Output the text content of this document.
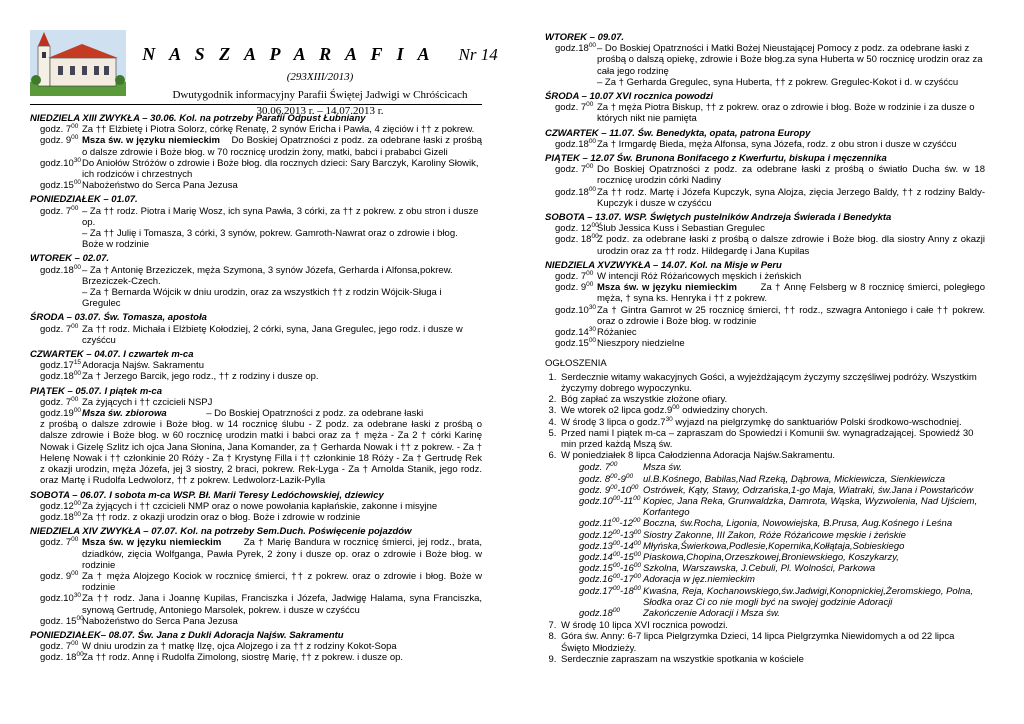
N A S Z A P A R A F I A Nr 14 (293XIII/2013)
Dwutygodnik informacyjny Parafii Świętej Jadwigi w Chróścicach
30.06.2013 r. – 14.07.2013 r.
NIEDZIELA XIII ZWYKŁA – 30.06. Kol. na potrzeby Parafii Odpust Łubniany
godz. $7^{00}$ Za †† Elżbietę i Piotra Solorz, córkę Renatę, 2 synów Ericha i Pawła, 4 zięciów i †† z pokrew.
godz. $9^{00}$ Msza św. w języku niemieckim Do Boskiej Opatrzności z podz. za odebrane łaski z prośbą o dalsze zdrowie i Boże błog. w 70 rocznicę urodzin żony, matki, babci i prababci Gizeli
$godz.10^{30}$ Do Aniołów Stróżów o zdrowie i Boże błog. dla rocznych dzieci: Sary Barczyk, Karoliny Słowik, ich rodziców i chrzestnych
$godz.15^{00}$ Nabożeństwo do Serca Pana Jezusa
PONIEDZIAŁEK – 01.07.
godz. $7^{00}$ – Za †† rodz. Piotra i Marię Wosz, ich syna Pawła, 3 córki, za †† z pokrew. z obu stron i dusze op.
– Za †† Julię i Tomasza, 3 córki, 3 synów, pokrew. Gamroth-Nawrat oraz o zdrowie i błog. Boże w rodzinie
WTOREK – 02.07.
$godz.18^{00}$ – Za † Antonię Brzeziczek, męża Szymona, 3 synów Józefa, Gerharda i Alfonsa,pokrew. Brzeziczek-Czech.
– Za † Bernarda Wójcik w dniu urodzin, oraz za wszystkich †† z rodzin Wójcik-Sługa i Greguleс
ŚRODA – 03.07. Św. Tomasza, apostoła
godz. $7^{00}$ Za †† rodz. Michała i Elżbietę Kołodziej, 2 córki, syna, Jana Gregulec, jego rodz. i dusze w czyśćcu
CZWARTEK – 04.07. I czwartek m-ca
$godz.17^{15}$ Adoracja Najśw. Sakramentu
$godz.18^{00}$ Za † Jerzego Barcik, jego rodz., †† z rodziny i dusze op.
PIĄTEK – 05.07. I piątek m-ca
godz. $7^{00}$ Za żyjących i †† czcicieli NSPJ
$godz.19^{00}$ Msza św. zbiorowa	– Do Boskiej Opatrzności z podz. za odebrane łaski
z prośbą o dalsze zdrowie i Boże błog. w 14 rocznicę ślubu - Z podz. za odebrane łaski z prośbą o dalsze zdrowie i Boże błog. w 60 rocznicę urodzin matki i babci oraz za † męża - Za 2 † córki Karinę Nowak i Gizelę Szlitz ich ojca Jana Słonina, Jana Komander, za † Gerharda Nowak i †† z pokrew. - Za † Helenę Nowak i †† członkinie 20 Róży - Za † Krystynę Filla i †† członkinie 18 Róży - Za † Gertrudę Rek z okazji urodzin, męża Józefa, jej 3 siostry, 2 braci, pokrew. Rek-Lyga - Za † Arnolda Stanik, jego rodz. oraz Martę i Rudolfa Ledwolorz, †† z pokrew. Ledwolorz-Lazik-Pylla
SOBOTA – 06.07. I sobota m-ca WSP. Bł. Marii Teresy Ledóchowskiej, dziewicy
$godz.12^{00}$ Za żyjących i †† czcicieli NMP oraz o nowe powołania kapłańskie, zakonne i misyjne
$godz.18^{00}$ Za †† rodz. z okazji urodzin oraz o błog. Boże i zdrowie w rodzinie
NIEDZIELA XIV ZWYKŁA – 07.07. Kol. na potrzeby Sem.Duch. Poświęcenie pojazdów
godz. $7^{00}$ Msza św. w języku niemieckim Za † Marię Bandura w rocznicę śmierci, jej rodz., brata, dziadków, zięcia Wolfganga, Pawła Pyrek, 2 żony i dusze op. oraz o zdrowie i Boże błog. w rodzinie
godz. $9^{00}$ Za † męża Alojzego Kociok w rocznicę śmierci, †† z pokrew. oraz o zdrowie i błog. Boże w rodzinie
$godz.10^{30}$ Za †† rodz. Jana i Joannę Kupilas, Franciszka i Józefa, Jadwigę Halama, syna Franciszka, synową Gertrudę, Antoniego Marsolek, pokrew. i dusze w czyśćcu
godz. $15^{00}$
Nabożeństwo do Serca Pana Jezusa
PONIEDZIAŁEK– 08.07. Św. Jana z Dukli Adoracja Najśw. Sakramentu
godz. $7^{00}$ W dniu urodzin za † matkę Ilzę, ojca Alojzego i za †† z rodziny Kokot-Sopa
godz. $18^{00}$
Za †† rodz. Annę i Rudolfa Zimolong, siostrę Marię, †† z pokrew. i dusze op.
WTOREK – 09.07.
$godz.18^{00}$ – Do Boskiej Opatrzności i Matki Bożej Nieustającej Pomocy z podz. za odebrane łaski z prośbą o dalszą opiekę, zdrowie i Boże błog.za syna Huberta w 50 rocznicę urodzin oraz za cała jego rodzinę
– Za † Gerharda Gregulec, syna Huberta, †† z pokrew. Gregulec-Kokot i d. w czyśćcu
ŚRODA – 10.07 XVI rocznica powodzi
godz. $7^{00}$ Za † męża Piotra Biskup, †† z pokrew. oraz o zdrowie i błog. Boże w rodzinie i za dusze o których nikt nie pamięta
CZWARTEK – 11.07. Św. Benedykta, opata, patrona Europy
$godz.18^{00}$ Za † Irmgardę Bieda, męża Alfonsa, syna Józefa, rodz. z obu stron i dusze w czyśćcu
PIĄTEK – 12.07 Św. Brunona Bonifacego z Kwerfurtu, biskupa i męczennika
godz. $7^{00}$ Do Boskiej Opatrzności z podz. za odebrane łaski z prośbą o światło Ducha św. w 18 rocznicę urodzin córki Nadiny
$godz.18^{00}$ Za †† rodz. Martę i Józefa Kupczyk, syna Alojza, zięcia Jerzego Baldy, †† z rodziny Baldy-Kupczyk i dusze w czyśćcu
SOBOTA – 13.07. WSP. Świętych pustelników Andrzeja Świerada i Benedykta
godz. $12^{00}$
Ślub Jessica Kuss i Sebastian Gregulec
godz. $18^{00}$
Z podz. za odebrane łaski z prośbą o dalsze zdrowie i Boże błog. dla siostry Anny z okazji urodzin oraz za †† rodz. Hildegardę i Jana Kupilas
NIEDZIELA XVZWYKŁA – 14.07. Kol. na Misje w Peru
godz. $7^{00}$ W intencji Róż Różańcowych męskich i żeńskich
godz. $9^{00}$ Msza św. w języku niemieckim Za † Annę Felsberg w 8 rocznicę śmierci, poległego męża, † syna ks. Henryka i †† z pokrew.
$godz.10^{30}$ Za † Gintra Gamrot w 25 rocznicę śmierci, †† rodz., szwagra Antoniego i całe †† pokrew. oraz o zdrowie i Boże błog. w rodzinie
$godz.14^{30}$ Różaniec
$godz.15^{00}$ Nieszpory niedzielne
OGŁOSZENIA
1. Serdecznie witamy wakacyjnych Gości, a wyjeżdżającym życzymy szczęśliwej podróży. Wszystkim życzymy dobrego wypoczynku.
2. Bóg zapłać za wszystkie złożone ofiary.
3. We wtorek o2 lipca $godz.9^{00}$ odwiedziny chorych.
4. W środę 3 lipca o $godz.7^{30}$ wyjazd na pielgrzymkę do sanktuariów Polski środkowo-wschodniej.
5. Przed nami I piątek m-ca – zapraszam do Spowiedzi i Komunii św. wynagradzającej. Spowiedź 30 min przed każdą Mszą św.
6. W poniedziałek 8 lipca Całodzienna Adoracja Najśw.Sakramentu.
godz. $7^{00}$	Msza św.
godz. $8^{00}-9^{00}$	ul.B.Kośnego, Babilas,Nad Rzeką, Dąbrowa, Mickiewicza, Sienkiewicza
godz. $9^{00}-10^{00}$	Ostrówek, Kąty, Stawy, Odrzańska,1-go Maja, Wiatraki, św.Jana i Powstańców
$godz.10^{00}-11^{00}$	Kopiec, Jana Reka, Grunwaldzka, Damrota, Wąska, Wyzwolenia, Nad Ujściem, Korfantego
$godz.11^{00}-12^{00}$	Boczna, św.Rocha, Ligonia, Nowowiejska, B.Prusa, Aug.Kośnego i Leśna
$godz.12^{00}-13^{00}$	Siostry Zakonne, III Zakon, Róże Różańcowe męskie i żeńskie
$godz.13^{00}-14^{00}$	Młyńska,Świerkowa,Podlesie,Kopernika,Kołłątaja,Sobieskiego
$godz.14^{00}-15^{00}$	Piaskowa,Chopina,Orzeszkowej,Broniewskiego, Koszykarzy,
$godz.15^{00}-16^{00}$	Szkolna, Warszawska, J.Cebuli, Pl. Wolności, Parkowa
$godz.16^{00}-17^{00}$	Adoracja w jęz.niemieckim
$godz.17^{00}-18^{00}$	Kwaśna, Reja, Kochanowskiego,św.Jadwigi,Konopnickiej,Żeromskiego, Polna, Słodka oraz Ci co nie mogli być na swojej godzinie Adoracji
$godz.18^{00}$	Zakończenie Adoracji i Msza św.
7. W środę 10 lipca XVI rocznica powodzi.
8. Góra św. Anny: 6-7 lipca Pielgrzymka Dzieci, 14 lipca Pielgrzymka Niewidomych a od 22 lipca Święto Młodzieży.
9. Serdecznie zapraszam na wszystkie spotkania w kościele
